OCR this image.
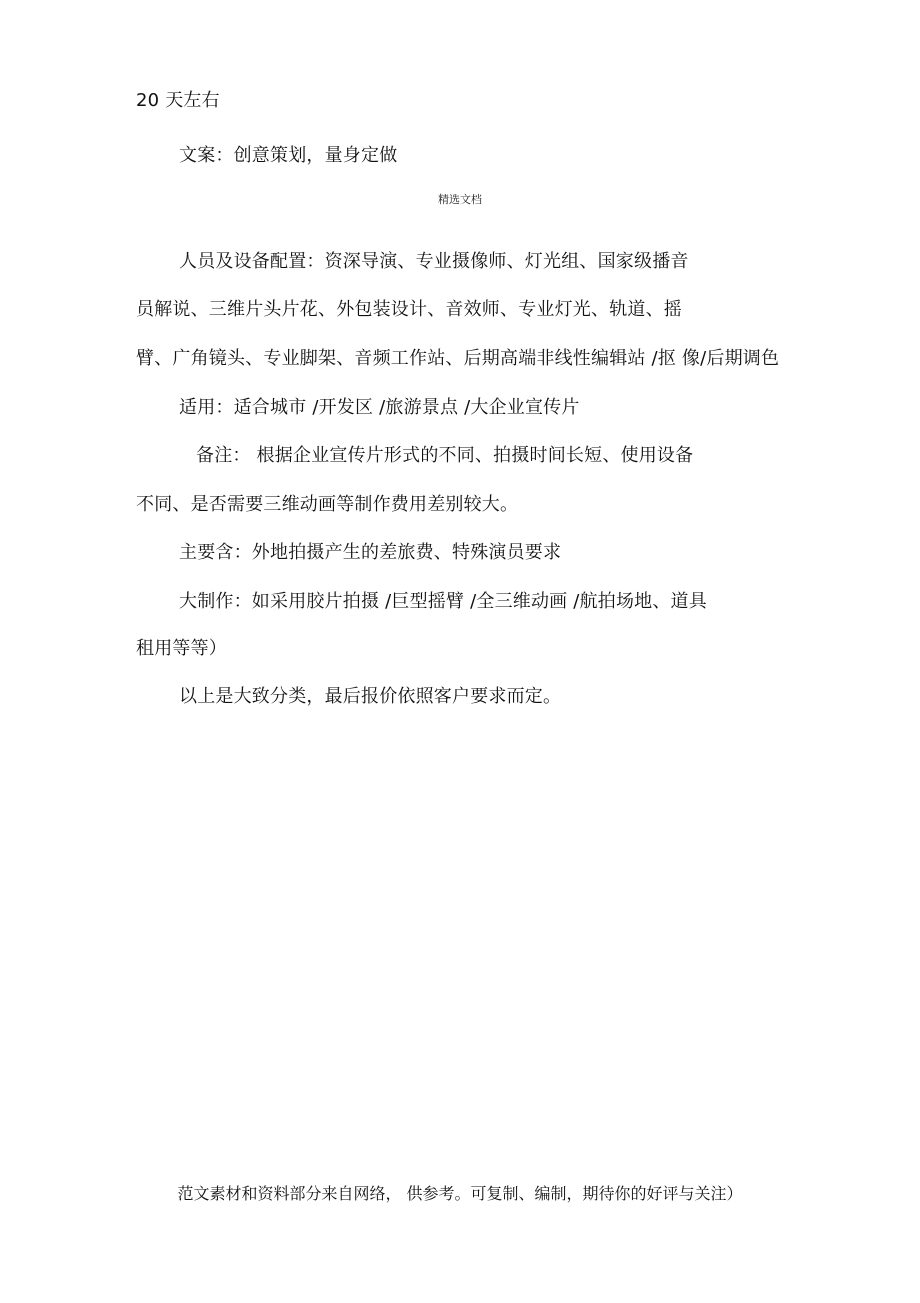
20 天左右
文案：创意策划，量身定做
精选文档
人员及设备配置：资深导演、专业摄像师、灯光组、国家级播音
员解说、三维片头片花、外包装设计、音效师、专业灯光、轨道、摇
臂、广角镜头、专业脚架、音频工作站、后期高端非线性编辑站 /抠 像/后期调色
适用：适合城市 /开发区 /旅游景点 /大企业宣传片
备注： 根据企业宣传片形式的不同、拍摄时间长短、使用设备
不同、是否需要三维动画等制作费用差别较大。
主要含：外地拍摄产生的差旅费、特殊演员要求
大制作：如采用胶片拍摄 /巨型摇臂 /全三维动画 /航拍场地、道具
租用等等）
以上是大致分类，最后报价依照客户要求而定。
范文素材和资料部分来自网络， 供参考。可复制、编制，期待你的好评与关注）
